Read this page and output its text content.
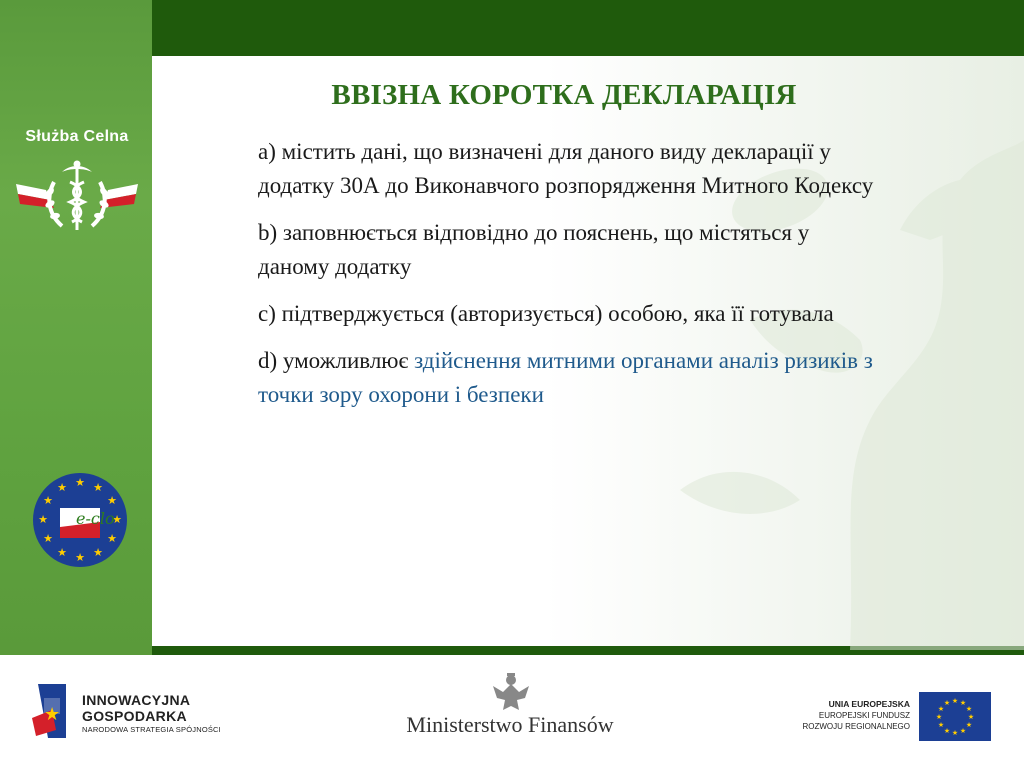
Służba Celna
★ ★
★
★
★
★
★
★
★
★
★
★
e-clo
ВВІЗНА КОРОТКА ДЕКЛАРАЦІЯ
a) містить дані, що визначені для даного виду декларації у додатку 30А до Виконавчого розпорядження Митного Кодексу
b) заповнюється відповідно до пояснень, що містяться у даному додатку
c) підтверджується (авторизується) особою, яка її готувала
d) уможливлює здійснення митними органами аналіз ризиків з точки зору охорони і безпеки
★
INNOWACYJNA
GOSPODARKA
NARODOWA STRATEGIA SPÓJNOŚCI	Ministerstwo Finansów
UNIA EUROPEJSKA
EUROPEJSKI FUNDUSZ
ROZWOJU REGIONALNEGO
★ ★
★
★
★
★
★
★
★
★
★
★
